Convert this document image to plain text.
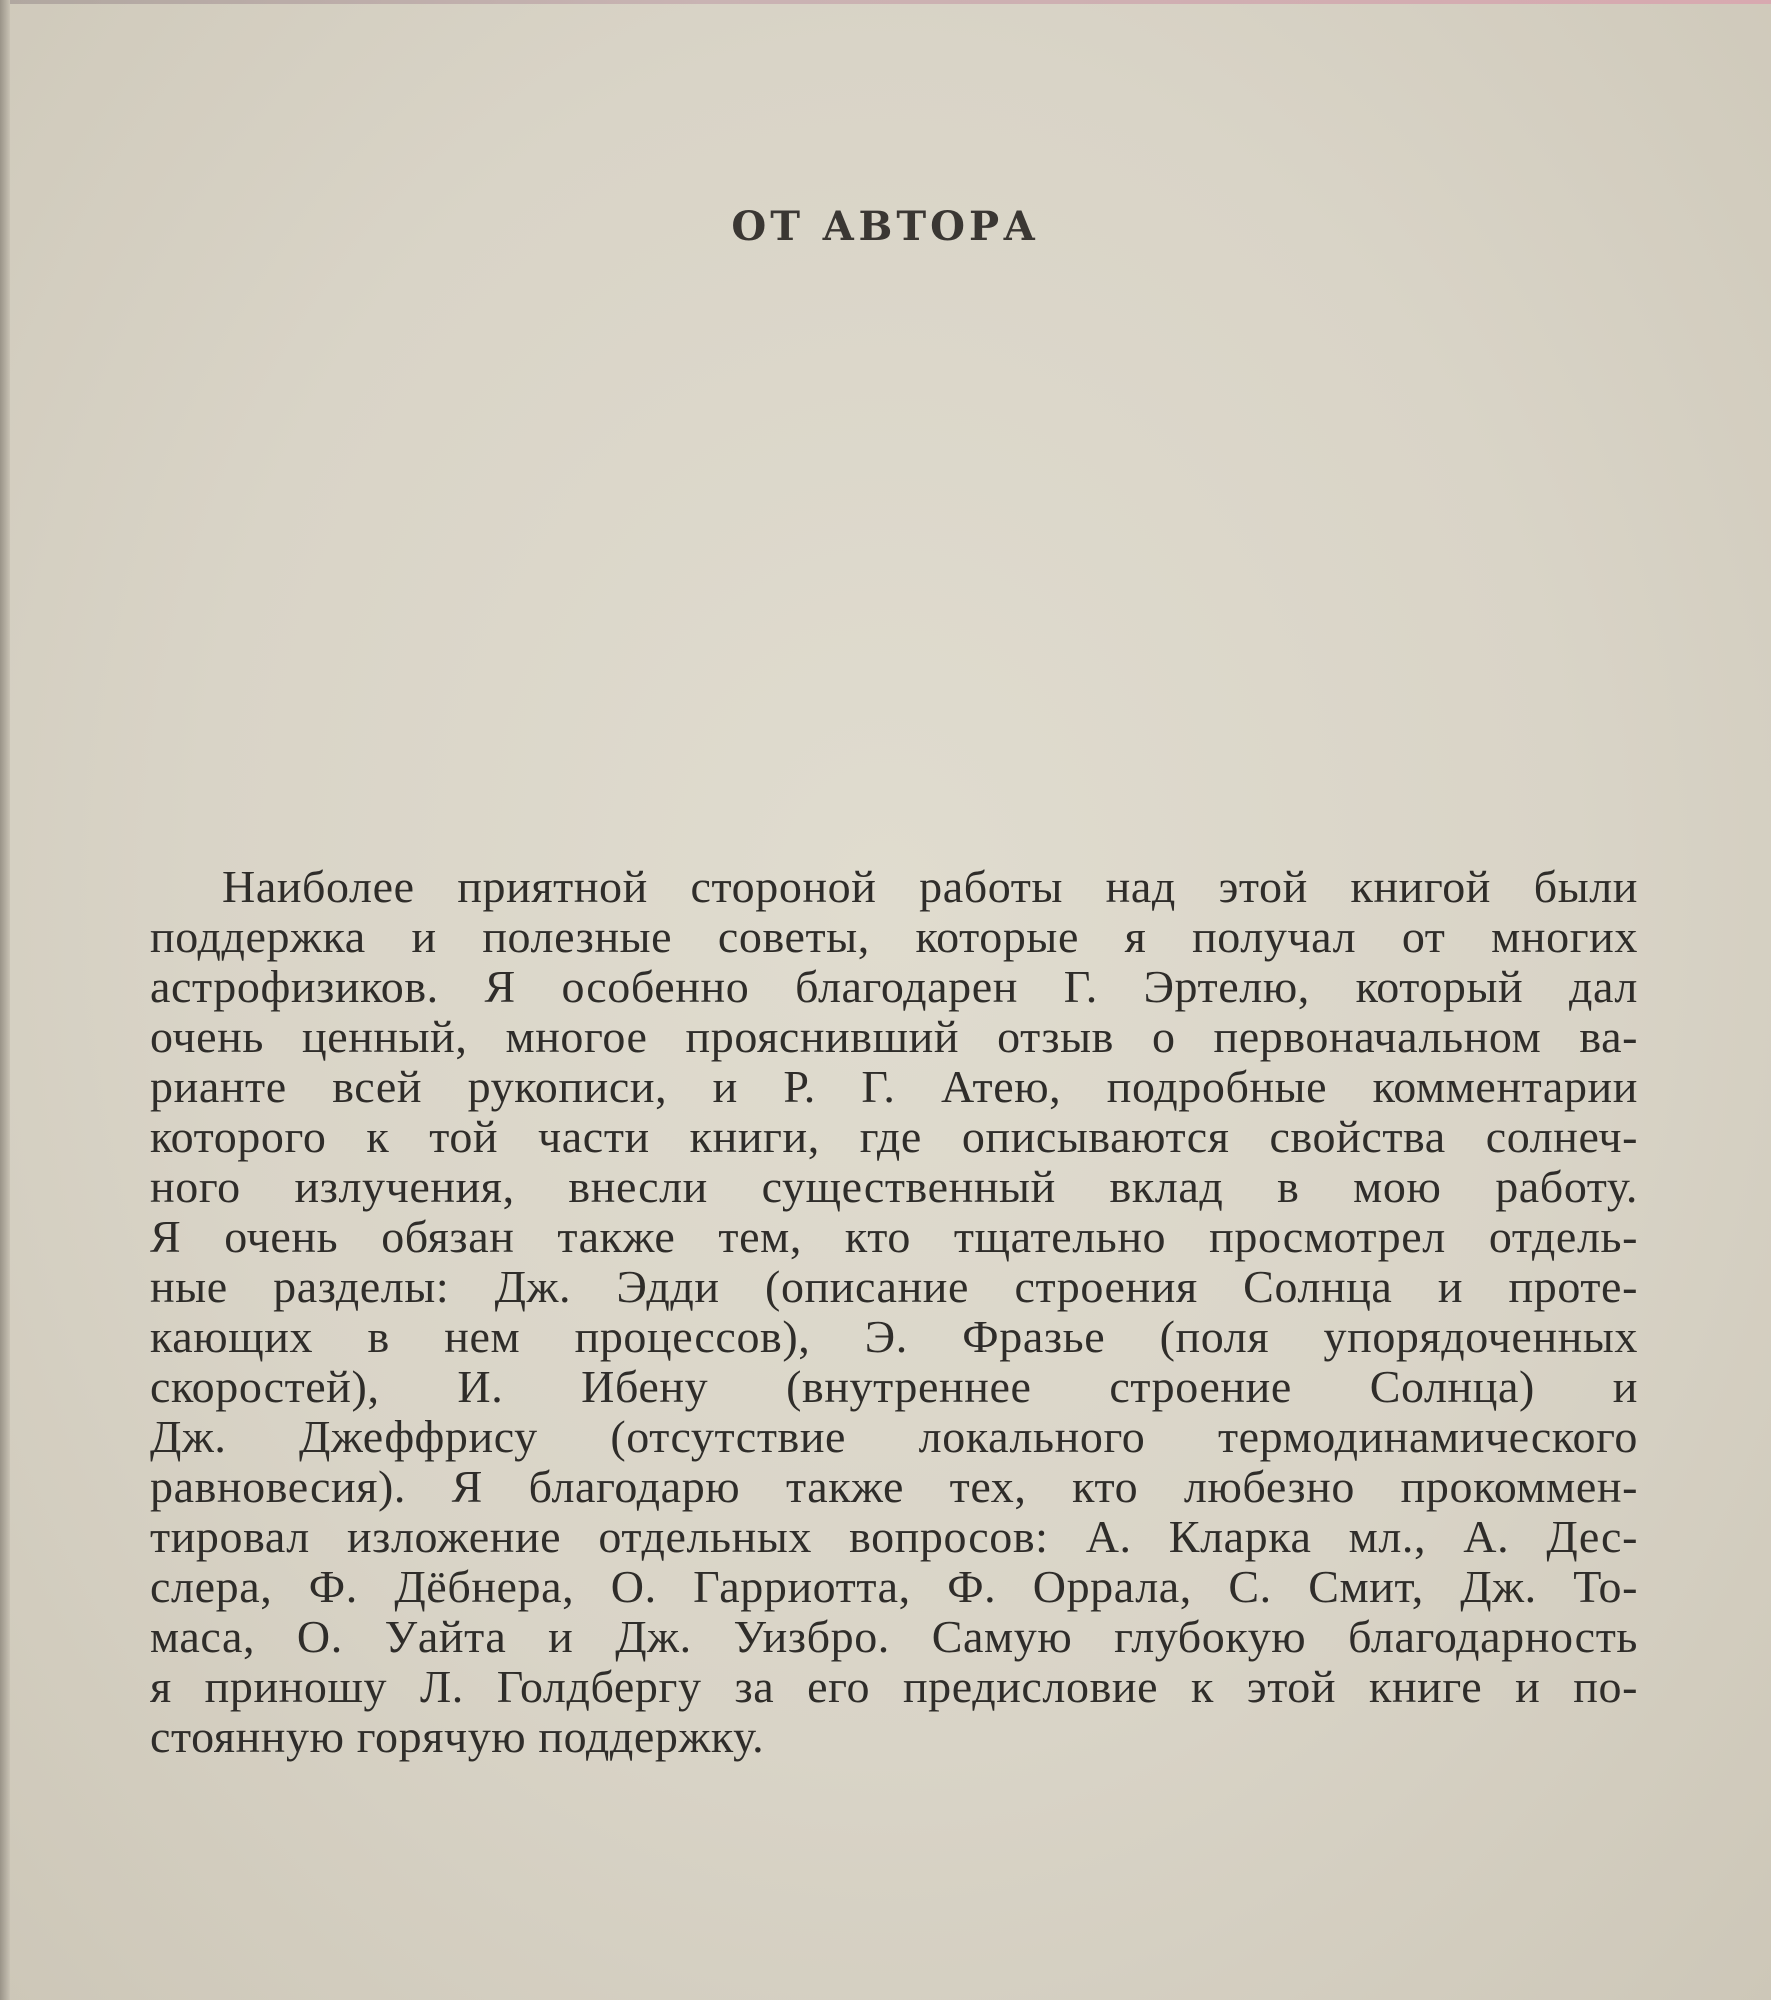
ОТ АВТОРА
Наиболее приятной стороной работы над этой книгой были
поддержка и полезные советы, которые я получал от многих
астрофизиков. Я особенно благодарен Г. Эртелю, который дал
очень ценный, многое прояснивший отзыв о первоначальном ва-
рианте всей рукописи, и Р. Г. Атею, подробные комментарии
которого к той части книги, где описываются свойства солнеч-
ного излучения, внесли существенный вклад в мою работу.
Я очень обязан также тем, кто тщательно просмотрел отдель-
ные разделы: Дж. Эдди (описание строения Солнца и проте-
кающих в нем процессов), Э. Фразье (поля упорядоченных
скоростей), И. Ибену (внутреннее строение Солнца) и
Дж. Джеффрису (отсутствие локального термодинамического
равновесия). Я благодарю также тех, кто любезно прокоммен-
тировал изложение отдельных вопросов: А. Кларка мл., А. Дес-
слера, Ф. Дёбнера, О. Гарриотта, Ф. Оррала, С. Смит, Дж. То-
маса, О. Уайта и Дж. Уизбро. Самую глубокую благодарность
я приношу Л. Голдбергу за его предисловие к этой книге и по-
стоянную горячую поддержку.
